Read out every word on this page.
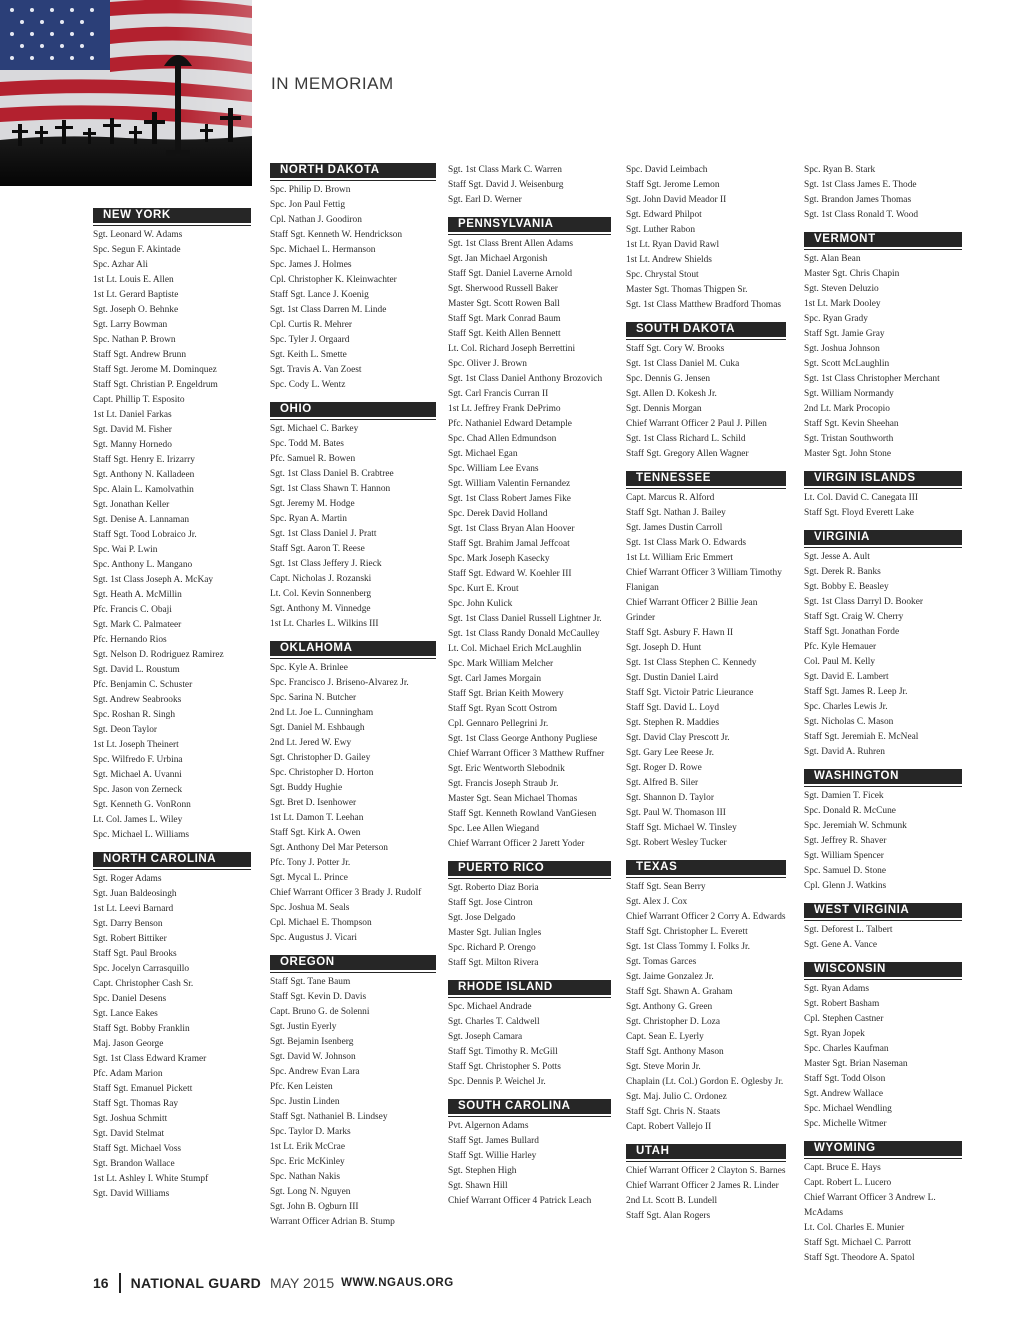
IN MEMORIAM
NEW YORK
Sgt. Leonard W. Adams
Spc. Segun F. Akintade
Spc. Azhar Ali
1st Lt. Louis E. Allen
1st Lt. Gerard Baptiste
Sgt. Joseph O. Behnke
Sgt. Larry Bowman
Spc. Nathan P. Brown
Staff Sgt. Andrew Brunn
Staff Sgt. Jerome M. Dominquez
Staff Sgt. Christian P. Engeldrum
Capt. Phillip T. Esposito
1st Lt. Daniel Farkas
Sgt. David M. Fisher
Sgt. Manny Hornedo
Staff Sgt. Henry E. Irizarry
Sgt. Anthony N. Kalladeen
Spc. Alain L. Kamolvathin
Sgt. Jonathan Keller
Sgt. Denise A. Lannaman
Staff Sgt. Tood Lobraico Jr.
Spc. Wai P. Lwin
Spc. Anthony L. Mangano
Sgt. 1st Class Joseph A. McKay
Sgt. Heath A. McMillin
Pfc. Francis C. Obaji
Sgt. Mark C. Palmateer
Pfc. Hernando Rios
Sgt. Nelson D. Rodriguez Ramirez
Sgt. David L. Roustum
Pfc. Benjamin C. Schuster
Sgt. Andrew Seabrooks
Spc. Roshan R. Singh
Sgt. Deon Taylor
1st Lt. Joseph Theinert
Spc. Wilfredo F. Urbina
Sgt. Michael A. Uvanni
Spc. Jason von Zerneck
Sgt. Kenneth G. VonRonn
Lt. Col. James L. Wiley
Spc. Michael L. Williams
NORTH CAROLINA
Sgt. Roger Adams
Sgt. Juan Baldeosingh
1st Lt. Leevi Barnard
Sgt. Darry Benson
Sgt. Robert Bittiker
Staff Sgt. Paul Brooks
Spc. Jocelyn Carrasquillo
Capt. Christopher Cash Sr.
Spc. Daniel Desens
Sgt. Lance Eakes
Staff Sgt. Bobby Franklin
Maj. Jason George
Sgt. 1st Class Edward Kramer
Pfc. Adam Marion
Staff Sgt. Emanuel Pickett
Staff Sgt. Thomas Ray
Sgt. Joshua Schmitt
Sgt. David Stelmat
Staff Sgt. Michael Voss
Sgt. Brandon Wallace
1st Lt. Ashley I. White Stumpf
Sgt. David Williams
NORTH DAKOTA
Spc. Philip D. Brown
Spc. Jon Paul Fettig
Cpl. Nathan J. Goodiron
Staff Sgt. Kenneth W. Hendrickson
Spc. Michael L. Hermanson
Spc. James J. Holmes
Cpl. Christopher K. Kleinwachter
Staff Sgt. Lance J. Koenig
Sgt. 1st Class Darren M. Linde
Cpl. Curtis R. Mehrer
Spc. Tyler J. Orgaard
Sgt. Keith L. Smette
Sgt. Travis A. Van Zoest
Spc. Cody L. Wentz
OHIO
Sgt. Michael C. Barkey
Spc. Todd M. Bates
Pfc. Samuel R. Bowen
Sgt. 1st Class Daniel B. Crabtree
Sgt. 1st Class Shawn T. Hannon
Sgt. Jeremy M. Hodge
Spc. Ryan A. Martin
Sgt. 1st Class Daniel J. Pratt
Staff Sgt. Aaron T. Reese
Sgt. 1st Class Jeffery J. Rieck
Capt. Nicholas J. Rozanski
Lt. Col. Kevin Sonnenberg
Sgt. Anthony M. Vinnedge
1st Lt. Charles L. Wilkins III
OKLAHOMA
Spc. Kyle A. Brinlee
Spc. Francisco J. Briseno-Alvarez Jr.
Spc. Sarina N. Butcher
2nd Lt. Joe L. Cunningham
Sgt. Daniel M. Eshbaugh
2nd Lt. Jered W. Ewy
Sgt. Christopher D. Gailey
Spc. Christopher D. Horton
Sgt. Buddy Hughie
Sgt. Bret D. Isenhower
1st Lt. Damon T. Leehan
Staff Sgt. Kirk A. Owen
Sgt. Anthony Del Mar Peterson
Pfc. Tony J. Potter Jr.
Sgt. Mycal L. Prince
Chief Warrant Officer 3 Brady J. Rudolf
Spc. Joshua M. Seals
Cpl. Michael E. Thompson
Spc. Augustus J. Vicari
OREGON
Staff Sgt. Tane Baum
Staff Sgt. Kevin D. Davis
Capt. Bruno G. de Solenni
Sgt. Justin Eyerly
Sgt. Bejamin Isenberg
Sgt. David W. Johnson
Spc. Andrew Evan Lara
Pfc. Ken Leisten
Spc. Justin Linden
Staff Sgt. Nathaniel B. Lindsey
Spc. Taylor D. Marks
1st Lt. Erik McCrae
Spc. Eric McKinley
Spc. Nathan Nakis
Sgt. Long N. Nguyen
Sgt. John B. Ogburn III
Warrant Officer Adrian B. Stump
Sgt. 1st Class Mark C. Warren
Staff Sgt. David J. Weisenburg
Sgt. Earl D. Werner
PENNSYLVANIA
Sgt. 1st Class Brent Allen Adams
Sgt. Jan Michael Argonish
Staff Sgt. Daniel Laverne Arnold
Sgt. Sherwood Russell Baker
Master Sgt. Scott Rowen Ball
Staff Sgt. Mark Conrad Baum
Staff Sgt. Keith Allen Bennett
Lt. Col. Richard Joseph Berrettini
Spc. Oliver J. Brown
Sgt. 1st Class Daniel Anthony Brozovich
Sgt. Carl Francis Curran II
1st Lt. Jeffrey Frank DePrimo
Pfc. Nathaniel Edward Detample
Spc. Chad Allen Edmundson
Sgt. Michael Egan
Spc. William Lee Evans
Sgt. William Valentin Fernandez
Sgt. 1st Class Robert James Fike
Spc. Derek David Holland
Sgt. 1st Class Bryan Alan Hoover
Staff Sgt. Brahim Jamal Jeffcoat
Spc. Mark Joseph Kasecky
Staff Sgt. Edward W. Koehler III
Spc. Kurt E. Krout
Spc. John Kulick
Sgt. 1st Class Daniel Russell Lightner Jr.
Sgt. 1st Class Randy Donald McCaulley
Lt. Col. Michael Erich McLaughlin
Spc. Mark William Melcher
Sgt. Carl James Morgain
Staff Sgt. Brian Keith Mowery
Staff Sgt. Ryan Scott Ostrom
Cpl. Gennaro Pellegrini Jr.
Sgt. 1st Class George Anthony Pugliese
Chief Warrant Officer 3 Matthew Ruffner
Sgt. Eric Wentworth Slebodnik
Sgt. Francis Joseph Straub Jr.
Master Sgt. Sean Michael Thomas
Staff Sgt. Kenneth Rowland VanGiesen
Spc. Lee Allen Wiegand
Chief Warrant Officer 2 Jarett Yoder
PUERTO RICO
Sgt. Roberto Diaz Boria
Staff Sgt. Jose Cintron
Sgt. Jose Delgado
Master Sgt. Julian Ingles
Spc. Richard P. Orengo
Staff Sgt. Milton Rivera
RHODE ISLAND
Spc. Michael Andrade
Sgt. Charles T. Caldwell
Sgt. Joseph Camara
Staff Sgt. Timothy R. McGill
Staff Sgt. Christopher S. Potts
Spc. Dennis P. Weichel Jr.
SOUTH CAROLINA
Pvt. Algernon Adams
Staff Sgt. James Bullard
Staff Sgt. Willie Harley
Sgt. Stephen High
Sgt. Shawn Hill
Chief Warrant Officer 4 Patrick Leach
Spc. David Leimbach
Staff Sgt. Jerome Lemon
Sgt. John David Meador II
Sgt. Edward Philpot
Sgt. Luther Rabon
1st Lt. Ryan David Rawl
1st Lt. Andrew Shields
Spc. Chrystal Stout
Master Sgt. Thomas Thigpen Sr.
Sgt. 1st Class Matthew Bradford Thomas
SOUTH DAKOTA
Staff Sgt. Cory W. Brooks
Sgt. 1st Class Daniel M. Cuka
Spc. Dennis G. Jensen
Sgt. Allen D. Kokesh Jr.
Sgt. Dennis Morgan
Chief Warrant Officer 2 Paul J. Pillen
Sgt. 1st Class Richard L. Schild
Staff Sgt. Gregory Allen Wagner
TENNESSEE
Capt. Marcus R. Alford
Staff Sgt. Nathan J. Bailey
Sgt. James Dustin Carroll
Sgt. 1st Class Mark O. Edwards
1st Lt. William Eric Emmert
Chief Warrant Officer 3 William Timothy Flanigan
Chief Warrant Officer 2 Billie Jean Grinder
Staff Sgt. Asbury F. Hawn II
Sgt. Joseph D. Hunt
Sgt. 1st Class Stephen C. Kennedy
Sgt. Dustin Daniel Laird
Staff Sgt. Victoir Patric Lieurance
Staff Sgt. David L. Loyd
Sgt. Stephen R. Maddies
Sgt. David Clay Prescott Jr.
Sgt. Gary Lee Reese Jr.
Sgt. Roger D. Rowe
Sgt. Alfred B. Siler
Sgt. Shannon D. Taylor
Sgt. Paul W. Thomason III
Staff Sgt. Michael W. Tinsley
Sgt. Robert Wesley Tucker
TEXAS
Staff Sgt. Sean Berry
Sgt. Alex J. Cox
Chief Warrant Officer 2 Corry A. Edwards
Staff Sgt. Christopher L. Everett
Sgt. 1st Class Tommy I. Folks Jr.
Sgt. Tomas Garces
Sgt. Jaime Gonzalez Jr.
Staff Sgt. Shawn A. Graham
Sgt. Anthony G. Green
Sgt. Christopher D. Loza
Capt. Sean E. Lyerly
Staff Sgt. Anthony Mason
Sgt. Steve Morin Jr.
Chaplain (Lt. Col.) Gordon E. Oglesby Jr.
Sgt. Maj. Julio C. Ordonez
Staff Sgt. Chris N. Staats
Capt. Robert Vallejo II
UTAH
Chief Warrant Officer 2 Clayton S. Barnes
Chief Warrant Officer 2 James R. Linder
2nd Lt. Scott B. Lundell
Staff Sgt. Alan Rogers
Spc. Ryan B. Stark
Sgt. 1st Class James E. Thode
Sgt. Brandon James Thomas
Sgt. 1st Class Ronald T. Wood
VERMONT
Sgt. Alan Bean
Master Sgt. Chris Chapin
Sgt. Steven Deluzio
1st Lt. Mark Dooley
Spc. Ryan Grady
Staff Sgt. Jamie Gray
Sgt. Joshua Johnson
Sgt. Scott McLaughlin
Sgt. 1st Class Christopher Merchant
Sgt. William Normandy
2nd Lt. Mark Procopio
Staff Sgt. Kevin Sheehan
Sgt. Tristan Southworth
Master Sgt. John Stone
VIRGIN ISLANDS
Lt. Col. David C. Canegata III
Staff Sgt. Floyd Everett Lake
VIRGINIA
Sgt. Jesse A. Ault
Sgt. Derek R. Banks
Sgt. Bobby E. Beasley
Sgt. 1st Class Darryl D. Booker
Staff Sgt. Craig W. Cherry
Staff Sgt. Jonathan Forde
Pfc. Kyle Hemauer
Col. Paul M. Kelly
Sgt. David E. Lambert
Staff Sgt. James R. Leep Jr.
Spc. Charles Lewis Jr.
Sgt. Nicholas C. Mason
Staff Sgt. Jeremiah E. McNeal
Sgt. David A. Ruhren
WASHINGTON
Sgt. Damien T. Ficek
Spc. Donald R. McCune
Spc. Jeremiah W. Schmunk
Sgt. Jeffrey R. Shaver
Sgt. William Spencer
Spc. Samuel D. Stone
Cpl. Glenn J. Watkins
WEST VIRGINIA
Sgt. Deforest L. Talbert
Sgt. Gene A. Vance
WISCONSIN
Sgt. Ryan Adams
Sgt. Robert Basham
Cpl. Stephen Castner
Sgt. Ryan Jopek
Spc. Charles Kaufman
Master Sgt. Brian Naseman
Staff Sgt. Todd Olson
Sgt. Andrew Wallace
Spc. Michael Wendling
Spc. Michelle Witmer
WYOMING
Capt. Bruce E. Hays
Capt. Robert L. Lucero
Chief Warrant Officer 3 Andrew L. McAdams
Lt. Col. Charles E. Munier
Staff Sgt. Michael C. Parrott
Staff Sgt. Theodore A. Spatol
16 NATIONAL GUARD MAY 2015 WWW.NGAUS.ORG
